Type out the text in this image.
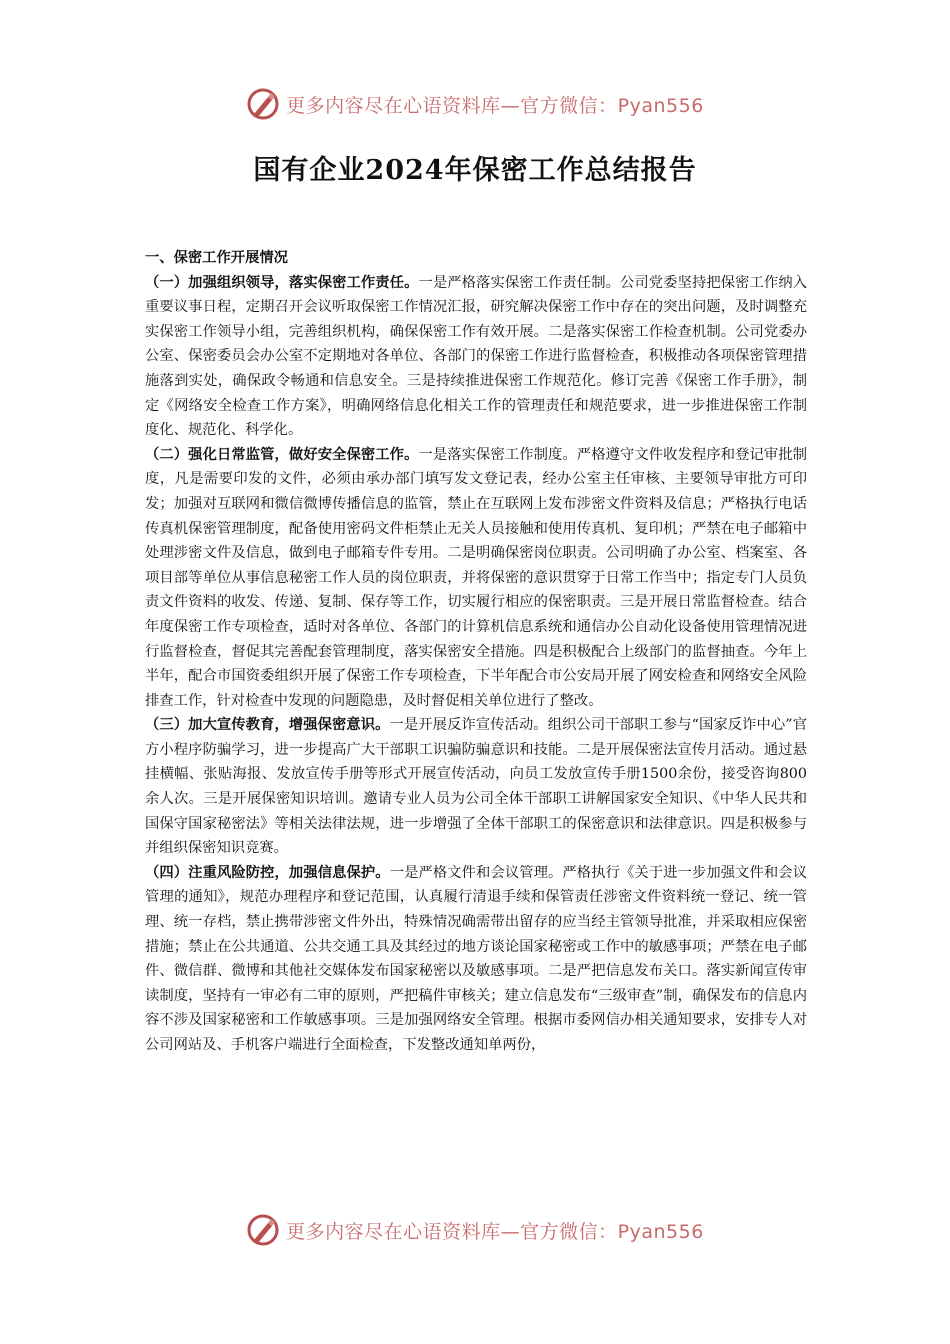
更多内容尽在心语资料库—官方微信：Pyan556
国有企业2024年保密工作总结报告

一、保密工作开展情况

（一）加强组织领导，落实保密工作责任。一是严格落实保密工作责任制。公司党委坚持把保密工作纳入重要议事日程，定期召开会议听取保密工作情况汇报，研究解决保密工作中存在的突出问题，及时调整充实保密工作领导小组，完善组织机构，确保保密工作有效开展。二是落实保密工作检查机制。公司党委办公室、保密委员会办公室不定期地对各单位、各部门的保密工作进行监督检查，积极推动各项保密管理措施落到实处，确保政令畅通和信息安全。三是持续推进保密工作规范化。修订完善《保密工作手册》，制定《网络安全检查工作方案》，明确网络信息化相关工作的管理责任和规范要求，进一步推进保密工作制度化、规范化、科学化。

（二）强化日常监管，做好安全保密工作。一是落实保密工作制度。严格遵守文件收发程序和登记审批制度，凡是需要印发的文件，必须由承办部门填写发文登记表，经办公室主任审核、主要领导审批方可印发；加强对互联网和微信微博传播信息的监管，禁止在互联网上发布涉密文件资料及信息；严格执行电话传真机保密管理制度，配备使用密码文件柜禁止无关人员接触和使用传真机、复印机；严禁在电子邮箱中处理涉密文件及信息，做到电子邮箱专件专用。二是明确保密岗位职责。公司明确了办公室、档案室、各项目部等单位从事信息秘密工作人员的岗位职责，并将保密的意识贯穿于日常工作当中；指定专门人员负责文件资料的收发、传递、复制、保存等工作，切实履行相应的保密职责。三是开展日常监督检查。结合年度保密工作专项检查，适时对各单位、各部门的计算机信息系统和通信办公自动化设备使用管理情况进行监督检查，督促其完善配套管理制度，落实保密安全措施。四是积极配合上级部门的监督抽查。今年上半年，配合市国资委组织开展了保密工作专项检查，下半年配合市公安局开展了网安检查和网络安全风险排查工作，针对检查中发现的问题隐患，及时督促相关单位进行了整改。

（三）加大宣传教育，增强保密意识。一是开展反诈宣传活动。组织公司干部职工参与“国家反诈中心”官方小程序防骗学习，进一步提高广大干部职工识骗防骗意识和技能。二是开展保密法宣传月活动。通过悬挂横幅、张贴海报、发放宣传手册等形式开展宣传活动，向员工发放宣传手册1500余份，接受咨询800余人次。三是开展保密知识培训。邀请专业人员为公司全体干部职工讲解国家安全知识、《中华人民共和国保守国家秘密法》等相关法律法规，进一步增强了全体干部职工的保密意识和法律意识。四是积极参与并组织保密知识竞赛。

（四）注重风险防控，加强信息保护。一是严格文件和会议管理。严格执行《关于进一步加强文件和会议管理的通知》，规范办理程序和登记范围，认真履行清退手续和保管责任涉密文件资料统一登记、统一管理、统一存档，禁止携带涉密文件外出，特殊情况确需带出留存的应当经主管领导批准，并采取相应保密措施；禁止在公共通道、公共交通工具及其经过的地方谈论国家秘密或工作中的敏感事项；严禁在电子邮件、微信群、微博和其他社交媒体发布国家秘密以及敏感事项。二是严把信息发布关口。落实新闻宣传审读制度，坚持有一审必有二审的原则，严把稿件审核关；建立信息发布“三级审查”制，确保发布的信息内容不涉及国家秘密和工作敏感事项。三是加强网络安全管理。根据市委网信办相关通知要求，安排专人对公司网站及、手机客户端进行全面检查，下发整改通知单两份，

更多内容尽在心语资料库—官方微信：Pyan556
